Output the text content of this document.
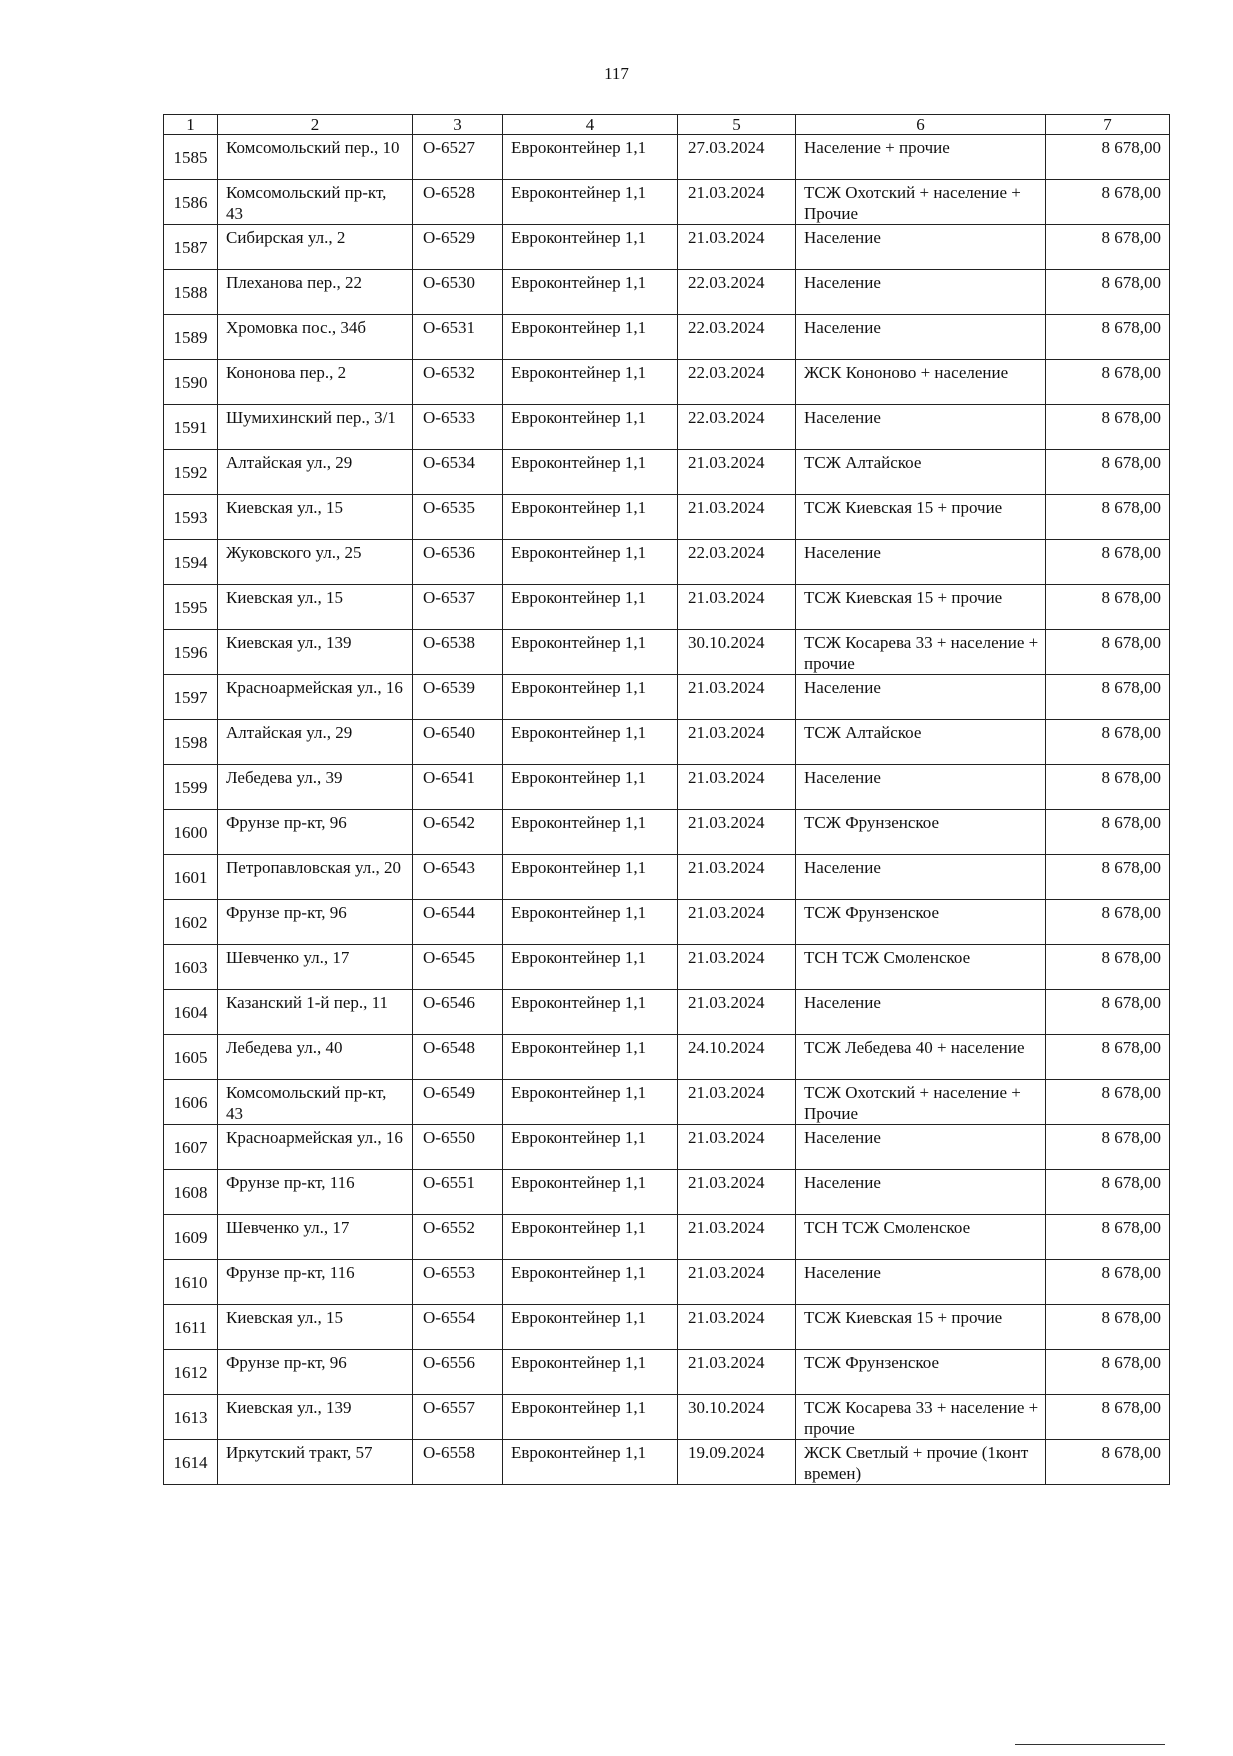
117
1	2	3	4	5	6	7
1585	Комсомольский пер., 10	О-6527	Евроконтейнер 1,1	27.03.2024	Население + прочие	8 678,00
1586	Комсомольский пр-кт, 43	О-6528	Евроконтейнер 1,1	21.03.2024	ТСЖ Охотский + население + Прочие	8 678,00
1587	Сибирская ул., 2	О-6529	Евроконтейнер 1,1	21.03.2024	Население	8 678,00
1588	Плеханова пер., 22	О-6530	Евроконтейнер 1,1	22.03.2024	Население	8 678,00
1589	Хромовка пос., 34б	О-6531	Евроконтейнер 1,1	22.03.2024	Население	8 678,00
1590	Кононова пер., 2	О-6532	Евроконтейнер 1,1	22.03.2024	ЖСК Кононово + население	8 678,00
1591	Шумихинский пер., 3/1	О-6533	Евроконтейнер 1,1	22.03.2024	Население	8 678,00
1592	Алтайская ул., 29	О-6534	Евроконтейнер 1,1	21.03.2024	ТСЖ Алтайское	8 678,00
1593	Киевская ул., 15	О-6535	Евроконтейнер 1,1	21.03.2024	ТСЖ Киевская 15 + прочие	8 678,00
1594	Жуковского ул., 25	О-6536	Евроконтейнер 1,1	22.03.2024	Население	8 678,00
1595	Киевская ул., 15	О-6537	Евроконтейнер 1,1	21.03.2024	ТСЖ Киевская 15 + прочие	8 678,00
1596	Киевская ул., 139	О-6538	Евроконтейнер 1,1	30.10.2024	ТСЖ Косарева 33 + население + прочие	8 678,00
1597	Красноармейская ул., 16	О-6539	Евроконтейнер 1,1	21.03.2024	Население	8 678,00
1598	Алтайская ул., 29	О-6540	Евроконтейнер 1,1	21.03.2024	ТСЖ Алтайское	8 678,00
1599	Лебедева ул., 39	О-6541	Евроконтейнер 1,1	21.03.2024	Население	8 678,00
1600	Фрунзе пр-кт, 96	О-6542	Евроконтейнер 1,1	21.03.2024	ТСЖ Фрунзенское	8 678,00
1601	Петропавловская ул., 20	О-6543	Евроконтейнер 1,1	21.03.2024	Население	8 678,00
1602	Фрунзе пр-кт, 96	О-6544	Евроконтейнер 1,1	21.03.2024	ТСЖ Фрунзенское	8 678,00
1603	Шевченко ул., 17	О-6545	Евроконтейнер 1,1	21.03.2024	ТСН ТСЖ Смоленское	8 678,00
1604	Казанский 1-й пер., 11	О-6546	Евроконтейнер 1,1	21.03.2024	Население	8 678,00
1605	Лебедева ул., 40	О-6548	Евроконтейнер 1,1	24.10.2024	ТСЖ Лебедева 40 + население	8 678,00
1606	Комсомольский пр-кт, 43	О-6549	Евроконтейнер 1,1	21.03.2024	ТСЖ Охотский + население + Прочие	8 678,00
1607	Красноармейская ул., 16	О-6550	Евроконтейнер 1,1	21.03.2024	Население	8 678,00
1608	Фрунзе пр-кт, 116	О-6551	Евроконтейнер 1,1	21.03.2024	Население	8 678,00
1609	Шевченко ул., 17	О-6552	Евроконтейнер 1,1	21.03.2024	ТСН ТСЖ Смоленское	8 678,00
1610	Фрунзе пр-кт, 116	О-6553	Евроконтейнер 1,1	21.03.2024	Население	8 678,00
1611	Киевская ул., 15	О-6554	Евроконтейнер 1,1	21.03.2024	ТСЖ Киевская 15 + прочие	8 678,00
1612	Фрунзе пр-кт, 96	О-6556	Евроконтейнер 1,1	21.03.2024	ТСЖ Фрунзенское	8 678,00
1613	Киевская ул., 139	О-6557	Евроконтейнер 1,1	30.10.2024	ТСЖ Косарева 33 + население + прочие	8 678,00
1614	Иркутский тракт, 57	О-6558	Евроконтейнер 1,1	19.09.2024	ЖСК Светлый + прочие (1конт времен)	8 678,00
